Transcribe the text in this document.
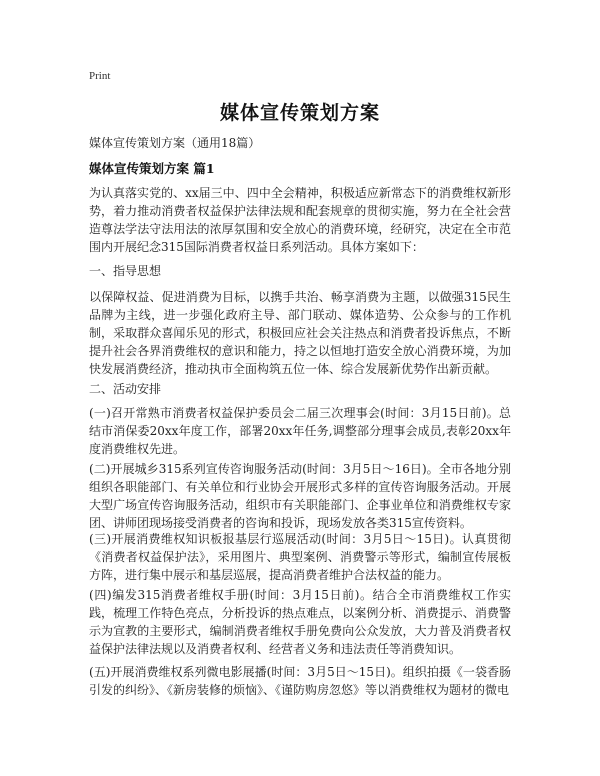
Print
媒体宣传策划方案

媒体宣传策划方案（通用18篇）

媒体宣传策划方案 篇1

为认真落实党的、xx届三中、四中全会精神，积极适应新常态下的消费维权新形势，着力推动消费者权益保护法律法规和配套规章的贯彻实施，努力在全社会营造尊法学法守法用法的浓厚氛围和安全放心的消费环境，经研究，决定在全市范围内开展纪念315国际消费者权益日系列活动。具体方案如下：

一、指导思想

以保障权益、促进消费为目标，以携手共治、畅享消费为主题，以做强315民生品牌为主线，进一步强化政府主导、部门联动、媒体造势、公众参与的工作机制，采取群众喜闻乐见的形式，积极回应社会关注热点和消费者投诉焦点，不断提升社会各界消费维权的意识和能力，持之以恒地打造安全放心消费环境，为加快发展消费经济，推动执市全面构筑五位一体、综合发展新优势作出新贡献。

二、活动安排

(一)召开常熟市消费者权益保护委员会二届三次理事会(时间：3月15日前)。总结市消保委20xx年度工作，部署20xx年任务,调整部分理事会成员,表彰20xx年度消费维权先进。

(二)开展城乡315系列宣传咨询服务活动(时间：3月5日～16日)。全市各地分别组织各职能部门、有关单位和行业协会开展形式多样的宣传咨询服务活动。开展大型广场宣传咨询服务活动，组织市有关职能部门、企事业单位和消费维权专家团、讲师团现场接受消费者的咨询和投诉，现场发放各类315宣传资料。

(三)开展消费维权知识板报基层行巡展活动(时间：3月5日～15日)。认真贯彻《消费者权益保护法》，采用图片、典型案例、消费警示等形式，编制宣传展板方阵，进行集中展示和基层巡展，提高消费者维护合法权益的能力。

(四)编发315消费者维权手册(时间：3月15日前)。结合全市消费维权工作实践，梳理工作特色亮点，分析投诉的热点难点，以案例分析、消费提示、消费警示为宣教的主要形式，编制消费者维权手册免费向公众发放，大力普及消费者权益保护法律法规以及消费者权利、经营者义务和违法责任等消费知识。

(五)开展消费维权系列微电影展播(时间：3月5日～15日)。组织拍摄《一袋香肠引发的纠纷》、《新房装修的烦恼》、《谨防购房忽悠》等以消费维权为题材的微电
